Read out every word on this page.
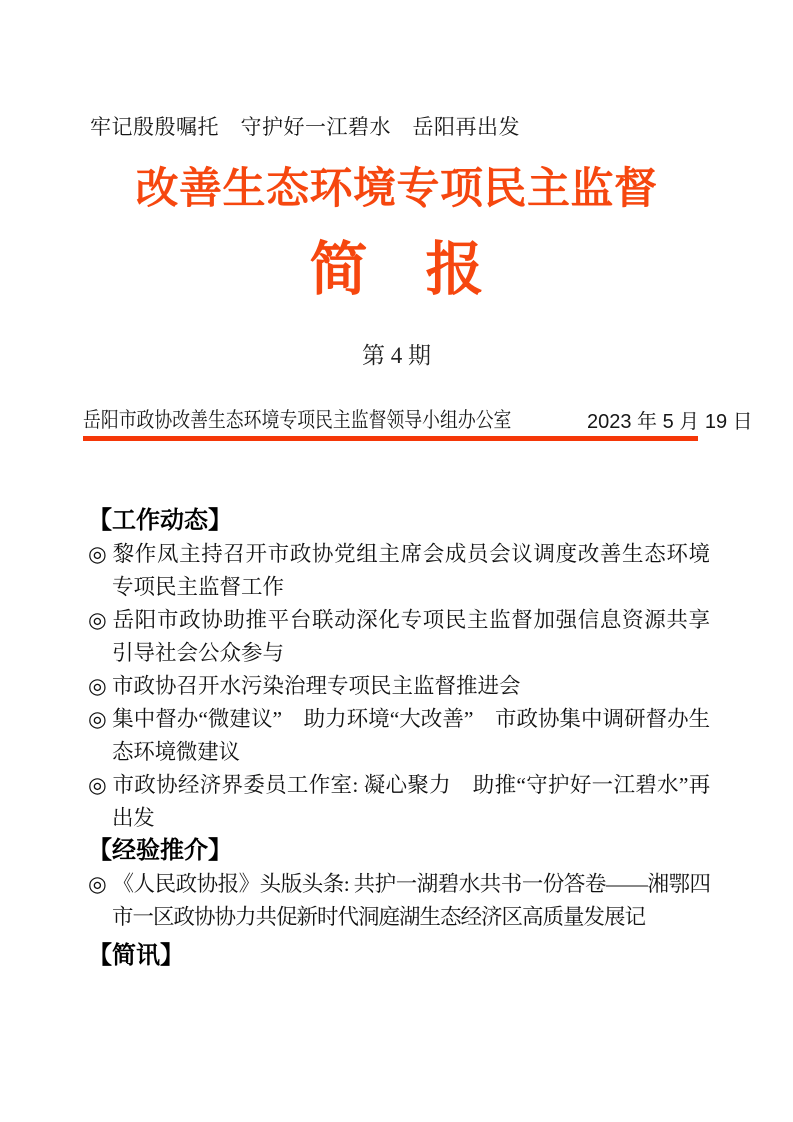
牢记殷殷嘱托　守护好一江碧水　岳阳再出发
改善生态环境专项民主监督
简　报
第 4 期
岳阳市政协改善生态环境专项民主监督领导小组办公室	2023 年 5 月 19 日
【工作动态】
◎ 黎作凤主持召开市政协党组主席会成员会议调度改善生态环境专项民主监督工作
◎ 岳阳市政协助推平台联动深化专项民主监督加强信息资源共享引导社会公众参与
◎ 市政协召开水污染治理专项民主监督推进会
◎ 集中督办“微建议”　助力环境“大改善”　市政协集中调研督办生态环境微建议
◎ 市政协经济界委员工作室: 凝心聚力　助推“守护好一江碧水”再出发
【经验推介】
◎ 《人民政协报》头版头条: 共护一湖碧水共书一份答卷——湘鄂四市一区政协协力共促新时代洞庭湖生态经济区高质量发展记
【简讯】
